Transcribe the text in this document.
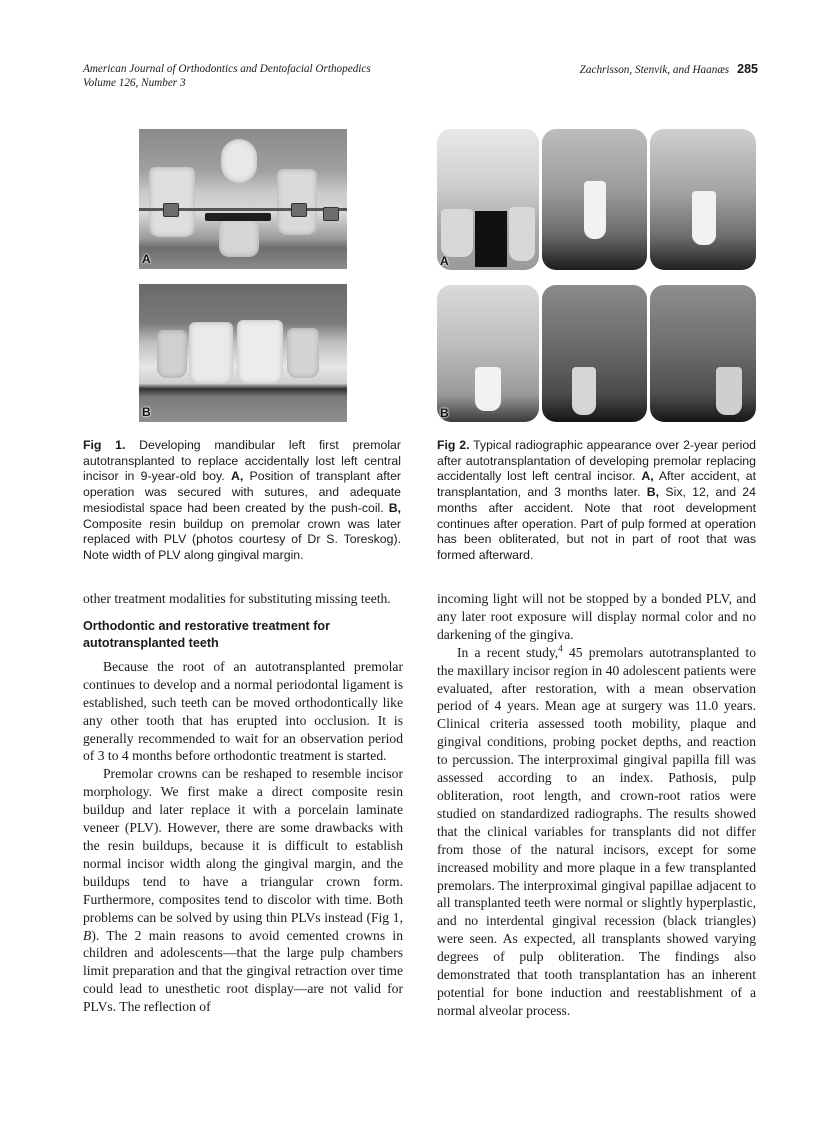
American Journal of Orthodontics and Dentofacial Orthopedics
Volume 126, Number 3
Zachrisson, Stenvik, and Haanæs 285
A
B
A
B
Fig 1. Developing mandibular left first premolar autotransplanted to replace accidentally lost left central incisor in 9-year-old boy. A, Position of transplant after operation was secured with sutures, and adequate mesiodistal space had been created by the push-coil. B, Composite resin buildup on premolar crown was later replaced with PLV (photos courtesy of Dr S. Toreskog). Note width of PLV along gingival margin.
Fig 2. Typical radiographic appearance over 2-year period after autotransplantation of developing premolar replacing accidentally lost left central incisor. A, After accident, at transplantation, and 3 months later. B, Six, 12, and 24 months after accident. Note that root development continues after operation. Part of pulp formed at operation has been obliterated, but not in part of root that was formed afterward.

other treatment modalities for substituting missing teeth.

Orthodontic and restorative treatment for autotransplanted teeth

Because the root of an autotransplanted premolar continues to develop and a normal periodontal ligament is established, such teeth can be moved orthodontically like any other tooth that has erupted into occlusion. It is generally recommended to wait for an observation period of 3 to 4 months before orthodontic treatment is started.

Premolar crowns can be reshaped to resemble incisor morphology. We first make a direct composite resin buildup and later replace it with a porcelain laminate veneer (PLV). However, there are some drawbacks with the resin buildups, because it is difficult to establish normal incisor width along the gingival margin, and the buildups tend to have a triangular crown form. Furthermore, composites tend to discolor with time. Both problems can be solved by using thin PLVs instead (Fig 1, B). The 2 main reasons to avoid cemented crowns in children and adolescents—that the large pulp chambers limit preparation and that the gingival retraction over time could lead to unesthetic root display—are not valid for PLVs. The reflection of

incoming light will not be stopped by a bonded PLV, and any later root exposure will display normal color and no darkening of the gingiva.

In a recent study,$^4$ 45 premolars autotransplanted to the maxillary incisor region in 40 adolescent patients were evaluated, after restoration, with a mean observation period of 4 years. Mean age at surgery was 11.0 years. Clinical criteria assessed tooth mobility, plaque and gingival conditions, probing pocket depths, and reaction to percussion. The interproximal gingival papilla fill was assessed according to an index. Pathosis, pulp obliteration, root length, and crown-root ratios were studied on standardized radiographs. The results showed that the clinical variables for transplants did not differ from those of the natural incisors, except for some increased mobility and more plaque in a few transplanted premolars. The interproximal gingival papillae adjacent to all transplanted teeth were normal or slightly hyperplastic, and no interdental gingival recession (black triangles) were seen. As expected, all transplants showed varying degrees of pulp obliteration. The findings also demonstrated that tooth transplantation has an inherent potential for bone induction and reestablishment of a normal alveolar process.
